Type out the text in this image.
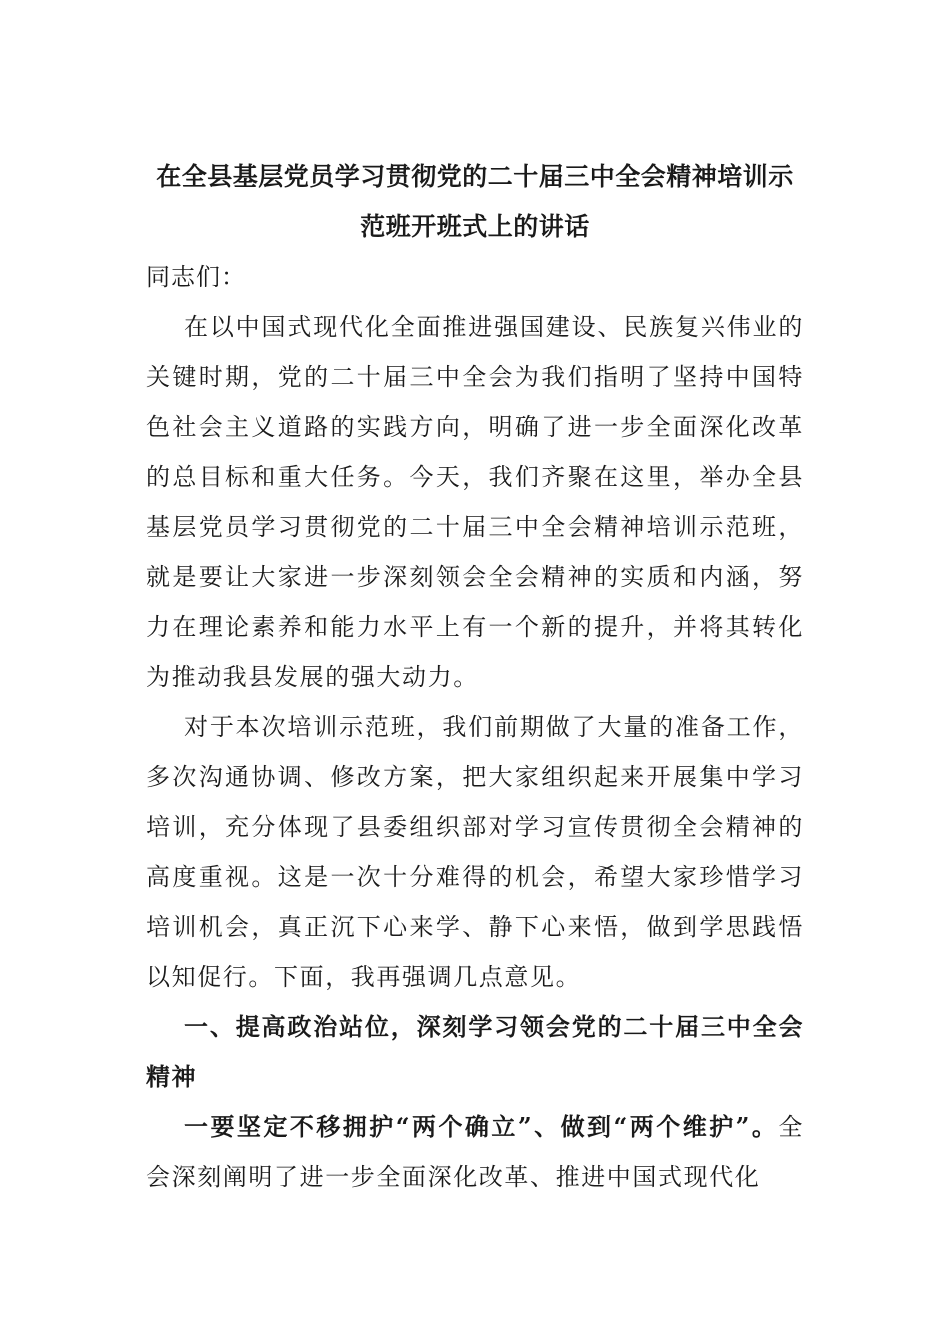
在全县基层党员学习贯彻党的二十届三中全会精神培训示
范班开班式上的讲话

同志们：

在以中国式现代化全面推进强国建设、民族复兴伟业的关键时期，党的二十届三中全会为我们指明了坚持中国特色社会主义道路的实践方向，明确了进一步全面深化改革的总目标和重大任务。今天，我们齐聚在这里，举办全县基层党员学习贯彻党的二十届三中全会精神培训示范班，就是要让大家进一步深刻领会全会精神的实质和内涵，努力在理论素养和能力水平上有一个新的提升，并将其转化为推动我县发展的强大动力。

对于本次培训示范班，我们前期做了大量的准备工作，多次沟通协调、修改方案，把大家组织起来开展集中学习培训，充分体现了县委组织部对学习宣传贯彻全会精神的高度重视。这是一次十分难得的机会，希望大家珍惜学习培训机会，真正沉下心来学、静下心来悟，做到学思践悟以知促行。下面，我再强调几点意见。

一、提高政治站位，深刻学习领会党的二十届三中全会精神

一要坚定不移拥护“两个确立”、做到“两个维护”。全会深刻阐明了进一步全面深化改革、推进中国式现代化
